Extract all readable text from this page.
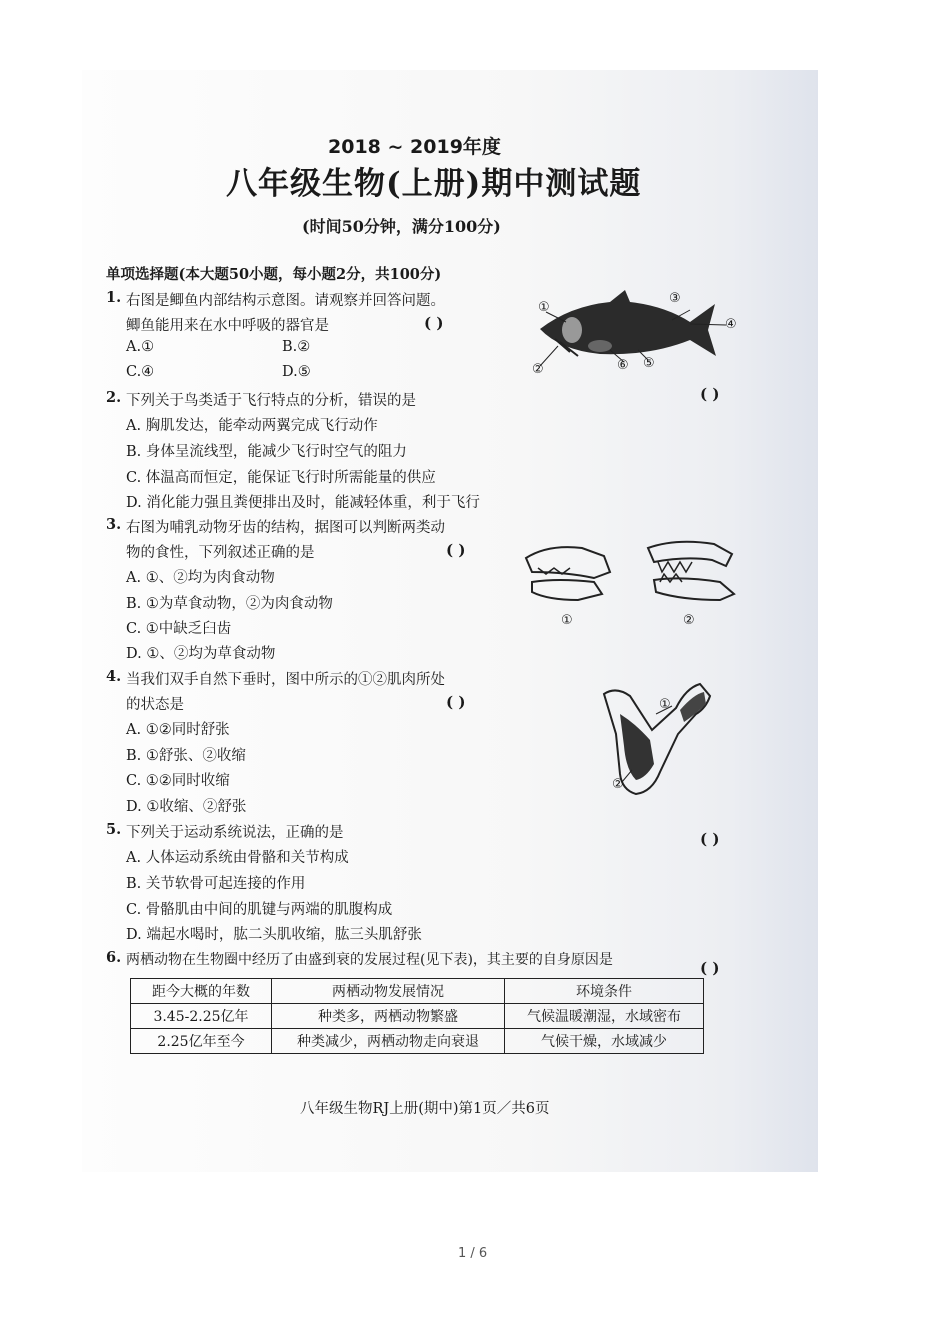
2018 ~ 2019年度
八年级生物(上册)期中测试题
(时间50分钟，满分100分)
单项选择题(本大题50小题，每小题2分，共100分)
1. 右图是鲫鱼内部结构示意图。请观察并回答问题。
鲫鱼能用来在水中呼吸的器官是	( )
A.①	B.②
C.④	D.⑤
①
②
③
④
⑤
⑥
2. 下列关于鸟类适于飞行特点的分析，错误的是	( )
A. 胸肌发达，能牵动两翼完成飞行动作
B. 身体呈流线型，能减少飞行时空气的阻力
C. 体温高而恒定，能保证飞行时所需能量的供应
D. 消化能力强且粪便排出及时，能减轻体重，利于飞行
3. 右图为哺乳动物牙齿的结构，据图可以判断两类动
物的食性，下列叙述正确的是	( )
A. ①、②均为肉食动物
B. ①为草食动物，②为肉食动物
C. ①中缺乏臼齿
D. ①、②均为草食动物
①	②
4. 当我们双手自然下垂时，图中所示的①②肌肉所处
的状态是	( )
A. ①②同时舒张
B. ①舒张、②收缩
C. ①②同时收缩
D. ①收缩、②舒张
①
②
5. 下列关于运动系统说法，正确的是	( )
A. 人体运动系统由骨骼和关节构成
B. 关节软骨可起连接的作用
C. 骨骼肌由中间的肌键与两端的肌腹构成
D. 端起水喝时，肱二头肌收缩，肱三头肌舒张
6. 两栖动物在生物圈中经历了由盛到衰的发展过程(见下表)，其主要的自身原因是	( )
距今大概的年数	两栖动物发展情况	环境条件
3.45-2.25亿年	种类多，两栖动物繁盛	气候温暖潮湿，水域密布
2.25亿年至今	种类减少，两栖动物走向衰退	气候干燥，水域减少
八年级生物RJ上册(期中)第1页／共6页
1 / 6
